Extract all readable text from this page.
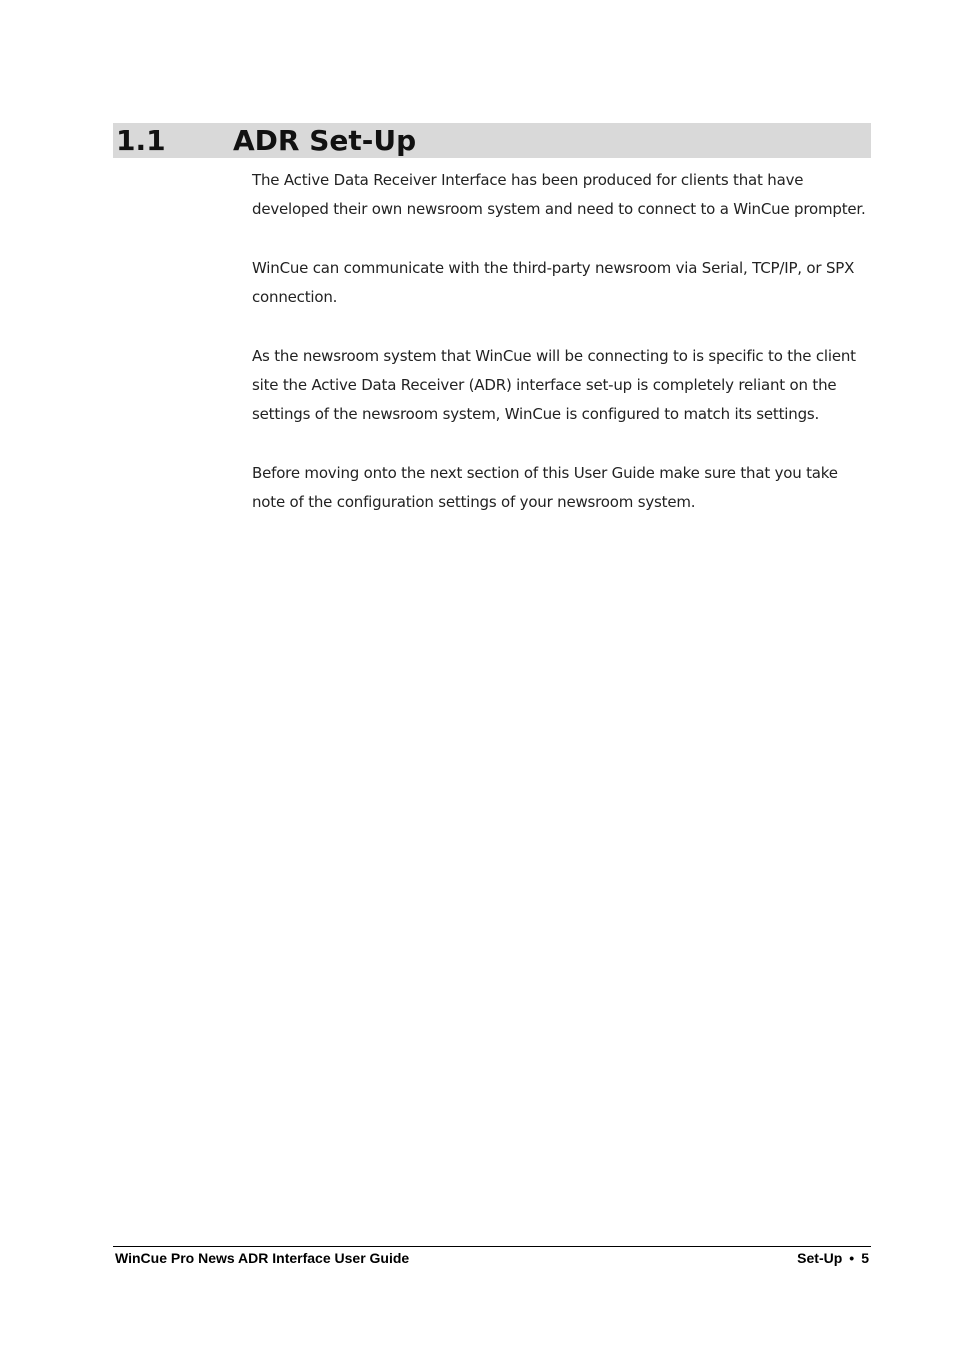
1.1	ADR Set-Up

The Active Data Receiver Interface has been produced for clients that have developed their own newsroom system and need to connect to a WinCue prompter.

WinCue can communicate with the third-party newsroom via Serial, TCP/IP, or SPX connection.

As the newsroom system that WinCue will be connecting to is specific to the client site the Active Data Receiver (ADR) interface set-up is completely reliant on the settings of the newsroom system, WinCue is configured to match its settings.

Before moving onto the next section of this User Guide make sure that you take note of the configuration settings of your newsroom system.

WinCue Pro News ADR Interface User Guide	Set-Up • 5
